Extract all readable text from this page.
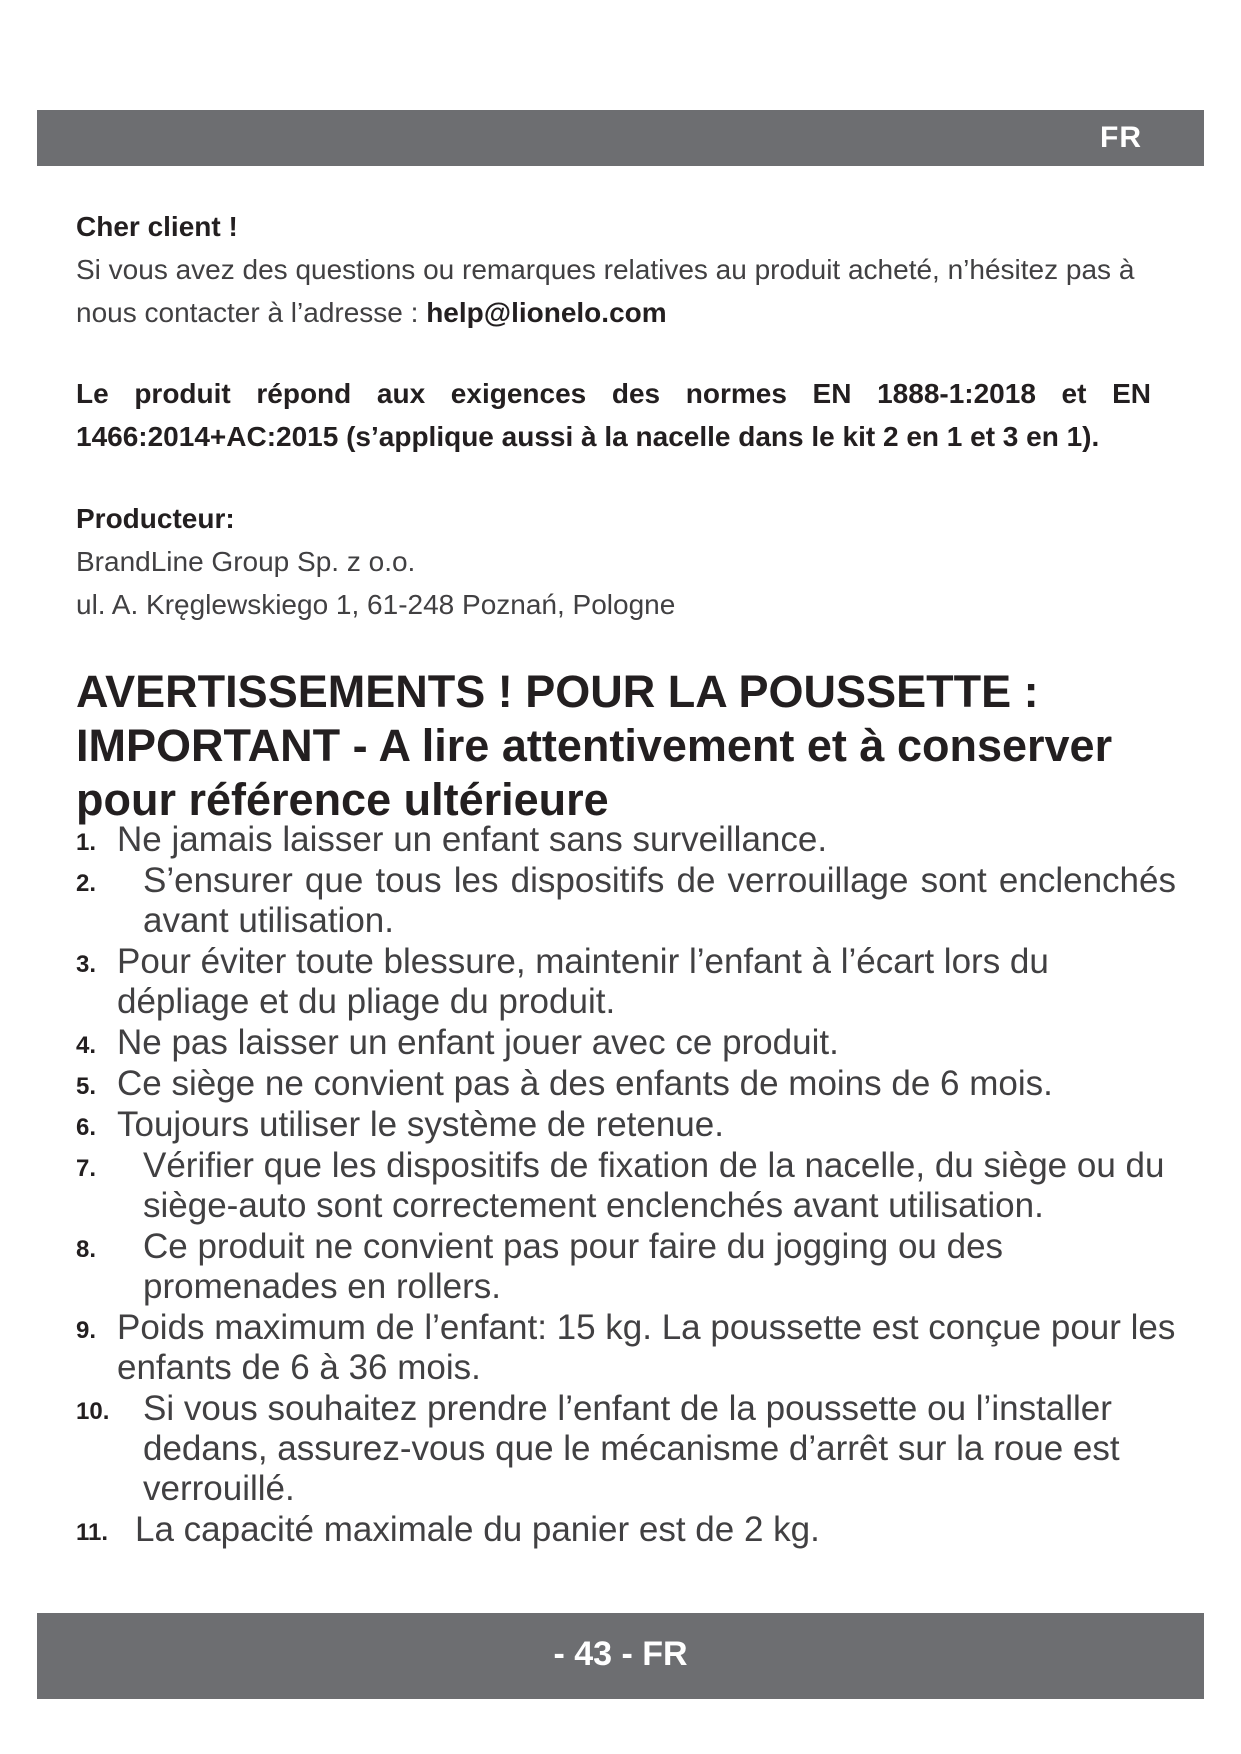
FR

Cher client !

Si vous avez des questions ou remarques relatives au produit acheté, n’hésitez pas à nous contacter à l’adresse : help@lionelo.com

Le produit répond aux exigences des normes EN 1888-1:2018 et EN 1466:2014+AC:2015 (s’applique aussi à la nacelle dans le kit 2 en 1 et 3 en 1).

Producteur:

BrandLine Group Sp. z o.o.

ul. A. Kręglewskiego 1, 61-248 Poznań, Pologne

AVERTISSEMENTS ! POUR LA POUSSETTE : IMPORTANT - A lire attentivement et à conserver pour référence ultérieure
1. Ne jamais laisser un enfant sans surveillance.
2. S’ensurer que tous les dispositifs de verrouillage sont enclenchés avant utilisation.
3. Pour éviter toute blessure, maintenir l’enfant à l’écart lors du dépliage et du pliage du produit.
4. Ne pas laisser un enfant jouer avec ce produit.
5. Ce siège ne convient pas à des enfants de moins de 6 mois.
6. Toujours utiliser le système de retenue.
7. Vérifier que les dispositifs de fixation de la nacelle, du siège ou du siège-auto sont correctement enclenchés avant utilisation.
8. Ce produit ne convient pas pour faire du jogging ou des promenades en rollers.
9. Poids maximum de l’enfant: 15 kg. La poussette est conçue pour les enfants de 6 à 36 mois.
10. Si vous souhaitez prendre l’enfant de la poussette ou l’installer dedans, assurez-vous que le mécanisme d’arrêt sur la roue est verrouillé.
11. La capacité maximale du panier est de 2 kg.
- 43 - FR
